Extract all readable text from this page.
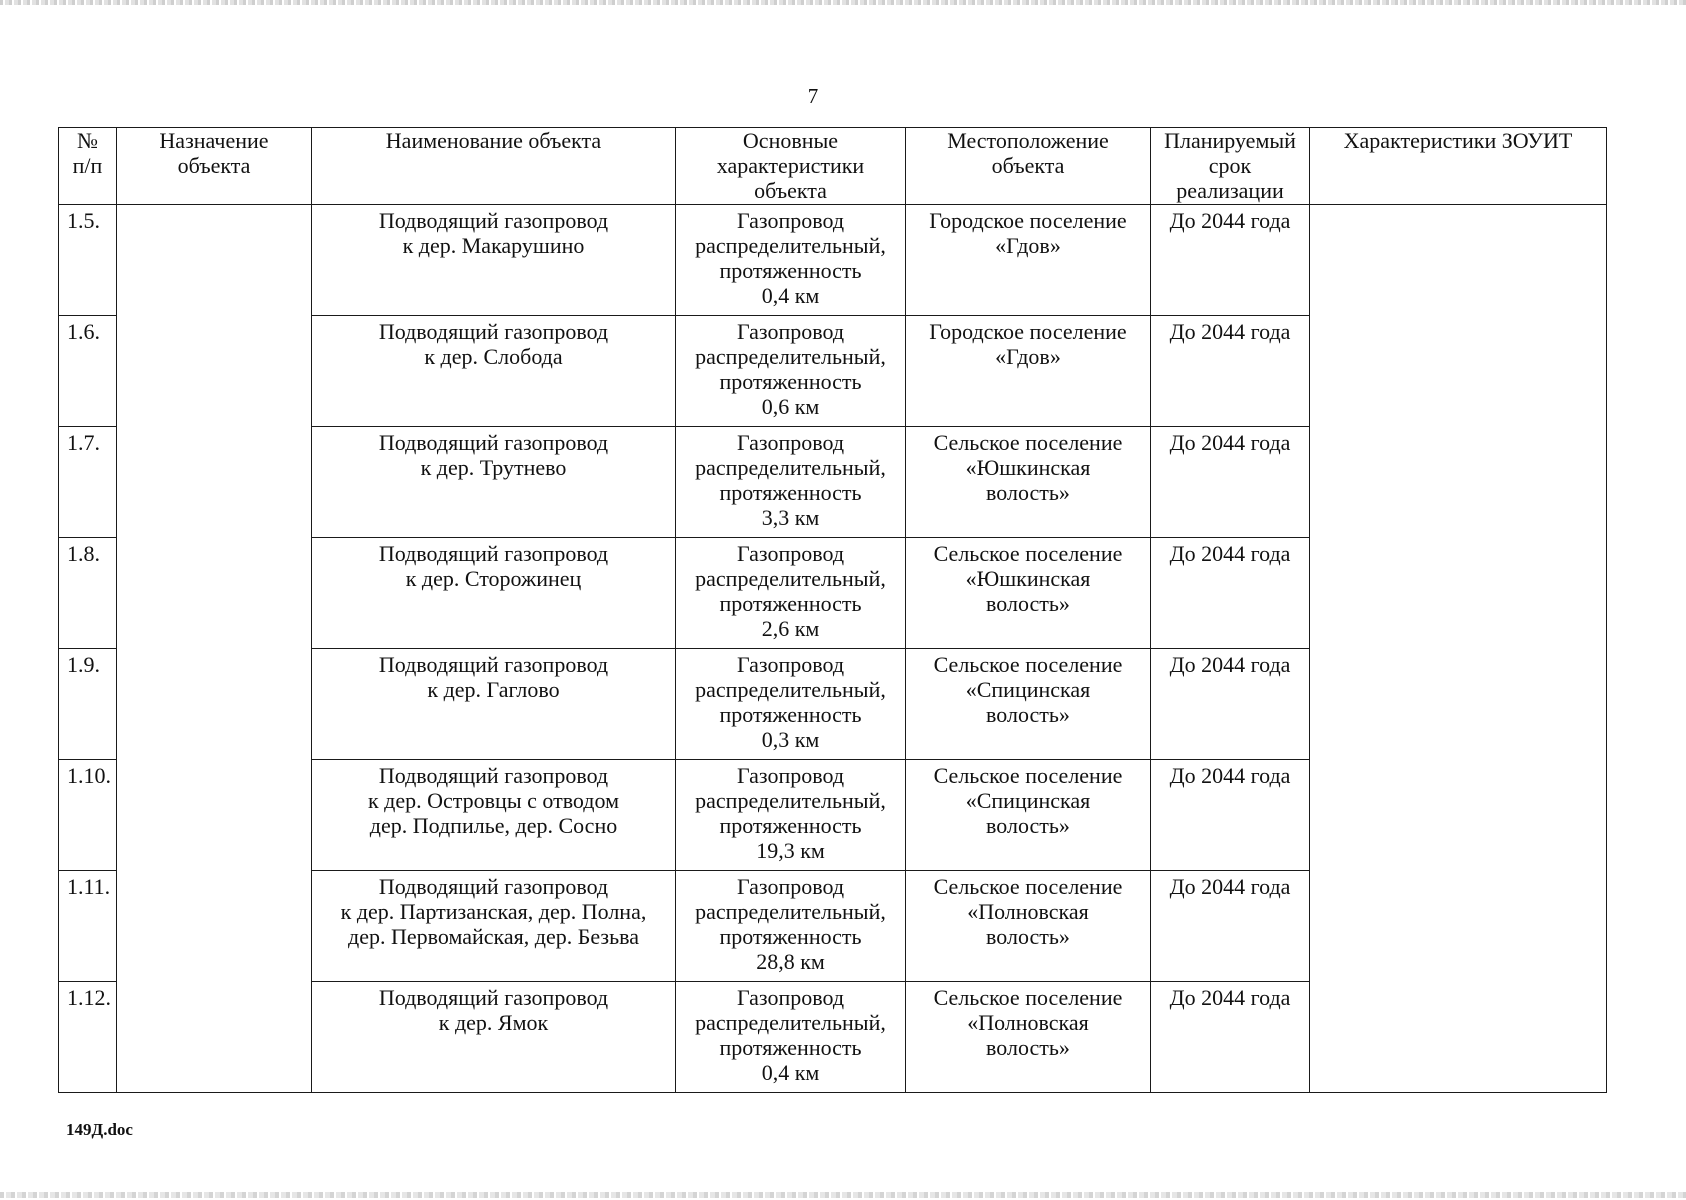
7
№
п/п	Назначение
объекта	Наименование объекта	Основные
характеристики
объекта	Местоположение
объекта	Планируемый
срок
реализации	Характеристики ЗОУИТ

1.5.		Подводящий газопровод
к дер. Макарушино	Газопровод
распределительный,
протяженность
0,4 км	Городское поселение
«Гдов»	До 2044 года	
1.6.		Подводящий газопровод
к дер. Слобода	Газопровод
распределительный,
протяженность
0,6 км	Городское поселение
«Гдов»	До 2044 года	
1.7.		Подводящий газопровод
к дер. Трутнево	Газопровод
распределительный,
протяженность
3,3 км	Сельское поселение
«Юшкинская
волость»	До 2044 года	
1.8.		Подводящий газопровод
к дер. Сторожинец	Газопровод
распределительный,
протяженность
2,6 км	Сельское поселение
«Юшкинская
волость»	До 2044 года	
1.9.		Подводящий газопровод
к дер. Гаглово	Газопровод
распределительный,
протяженность
0,3 км	Сельское поселение
«Спицинская
волость»	До 2044 года	
1.10.		Подводящий газопровод
к дер. Островцы с отводом
дер. Подпилье, дер. Сосно	Газопровод
распределительный,
протяженность
19,3 км	Сельское поселение
«Спицинская
волость»	До 2044 года	
1.11.		Подводящий газопровод
к дер. Партизанская, дер. Полна,
дер. Первомайская, дер. Безьва	Газопровод
распределительный,
протяженность
28,8 км	Сельское поселение
«Полновская
волость»	До 2044 года	
1.12.		Подводящий газопровод
к дер. Ямок	Газопровод
распределительный,
протяженность
0,4 км	Сельское поселение
«Полновская
волость»	До 2044 года	
149Д.doc
